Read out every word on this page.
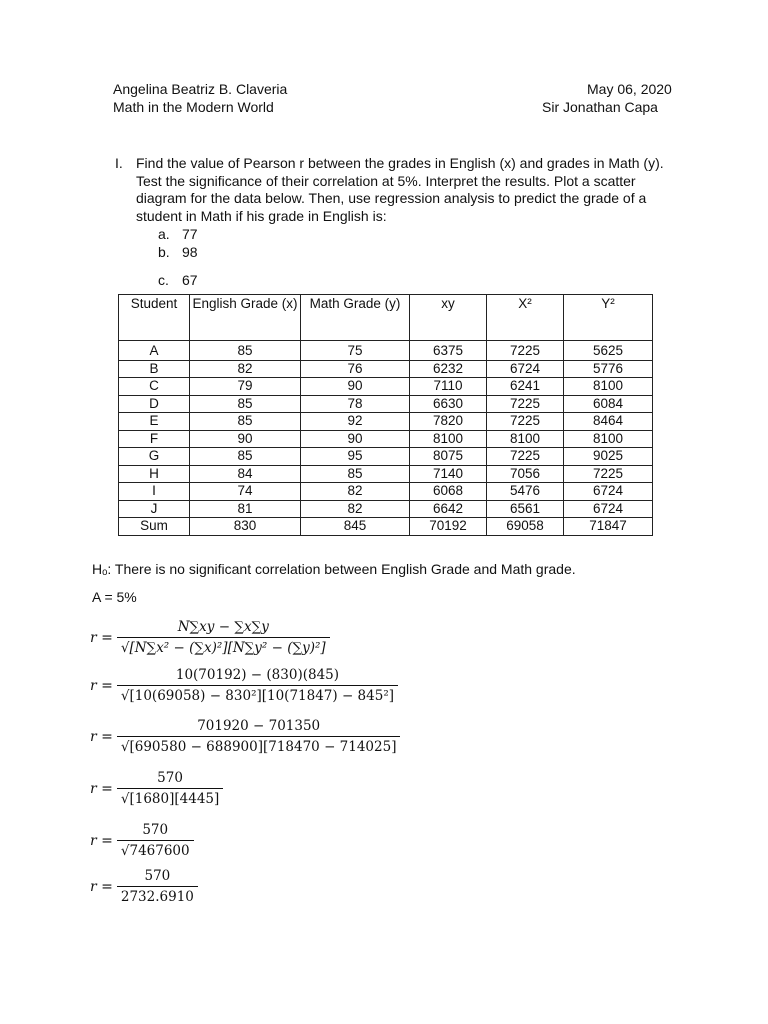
Angelina Beatriz B. Claveria
Math in the Modern World
May 06, 2020
Sir Jonathan Capa
I. Find the value of Pearson r between the grades in English (x) and grades in Math (y). Test the significance of their correlation at 5%. Interpret the results. Plot a scatter diagram for the data below. Then, use regression analysis to predict the grade of a student in Math if his grade in English is:
a. 77
b. 98
c. 67
Student	English Grade (x)	Math Grade (y)	xy	X²	Y²
A	85	75	6375	7225	5625
B	82	76	6232	6724	5776
C	79	90	7110	6241	8100
D	85	78	6630	7225	6084
E	85	92	7820	7225	8464
F	90	90	8100	8100	8100
G	85	95	8075	7225	9025
H	84	85	7140	7056	7225
I	74	82	6068	5476	6724
J	81	82	6642	6561	6724
Sum	830	845	70192	69058	71847
Hₒ: There is no significant correlation between English Grade and Math grade.
A = 5%
$r = \frac{N\sum xy - \sum x\sum y}{\text{√[N∑x² − (∑x)²][N∑y² − (∑y)²]}}$
$r = \frac{10(70192) - (830)(845)}{\text{√[10(69058) − 830²][10(71847) − 845²]}}$
$r = \frac{701920 - 701350}{√[690580 - 688900][718470 - 714025]}$
$r = \frac{570}{√[1680][4445]}$
$r = \frac{570}{√7467600}$
$r = \frac{570}{2732.6910}$
